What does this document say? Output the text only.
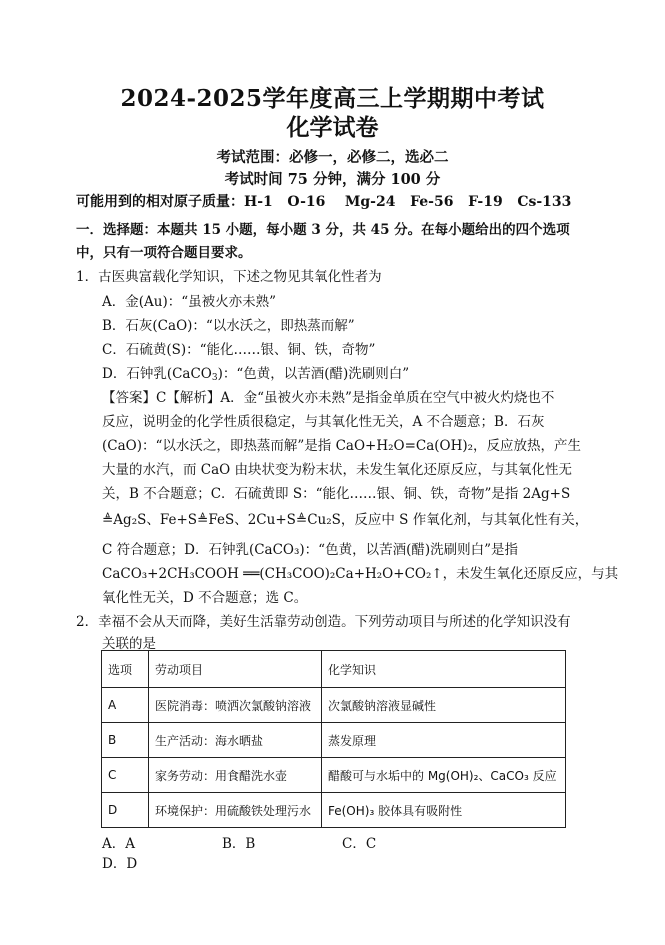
2024-2025学年度高三上学期期中考试
化学试卷
考试范围：必修一，必修二，选必二
考试时间 75 分钟，满分 100 分
可能用到的相对原子质量：H-1   O-16    Mg-24   Fe-56   F-19   Cs-133
一．选择题：本题共 15 小题，每小题 3 分，共 45 分。在每小题给出的四个选项
中，只有一项符合题目要求。
1．古医典富载化学知识，下述之物见其氧化性者为
A．金(Au)：“虽被火亦未熟”
B．石灰(CaO)：“以水沃之，即热蒸而解”
C．石硫黄(S)：“能化……银、铜、铁，奇物”
D．石钟乳(CaCO$_3$)：“色黄，以苦酒(醋)洗刷则白”
【答案】C【解析】A．金“虽被火亦未熟”是指金单质在空气中被火灼烧也不
反应，说明金的化学性质很稳定，与其氧化性无关，A 不合题意；B．石灰
(CaO)：“以水沃之，即热蒸而解”是指 CaO+H₂O=Ca(OH)₂，反应放热，产生
大量的水汽，而 CaO 由块状变为粉末状，未发生氧化还原反应，与其氧化性无
关，B 不合题意；C．石硫黄即 S：“能化……银、铜、铁，奇物”是指 2Ag+S
≜Ag₂S、Fe+S≜FeS、2Cu+S≜Cu₂S，反应中 S 作氧化剂，与其氧化性有关，
C 符合题意；D．石钟乳(CaCO₃)：“色黄，以苦酒(醋)洗刷则白”是指
CaCO₃+2CH₃COOH ══(CH₃COO)₂Ca+H₂O+CO₂↑，未发生氧化还原反应，与其
氧化性无关，D 不合题意；选 C。
2．幸福不会从天而降，美好生活靠劳动创造。下列劳动项目与所述的化学知识没有
关联的是
选项	劳动项目	化学知识
A	医院消毒：喷洒次氯酸钠溶液	次氯酸钠溶液显碱性
B	生产活动：海水晒盐	蒸发原理
C	家务劳动：用食醋洗水壶	醋酸可与水垢中的 Mg(OH)₂、CaCO₃ 反应
D	环境保护：用硫酸铁处理污水	Fe(OH)₃ 胶体具有吸附性
A．A	B．B	C．CD．D
